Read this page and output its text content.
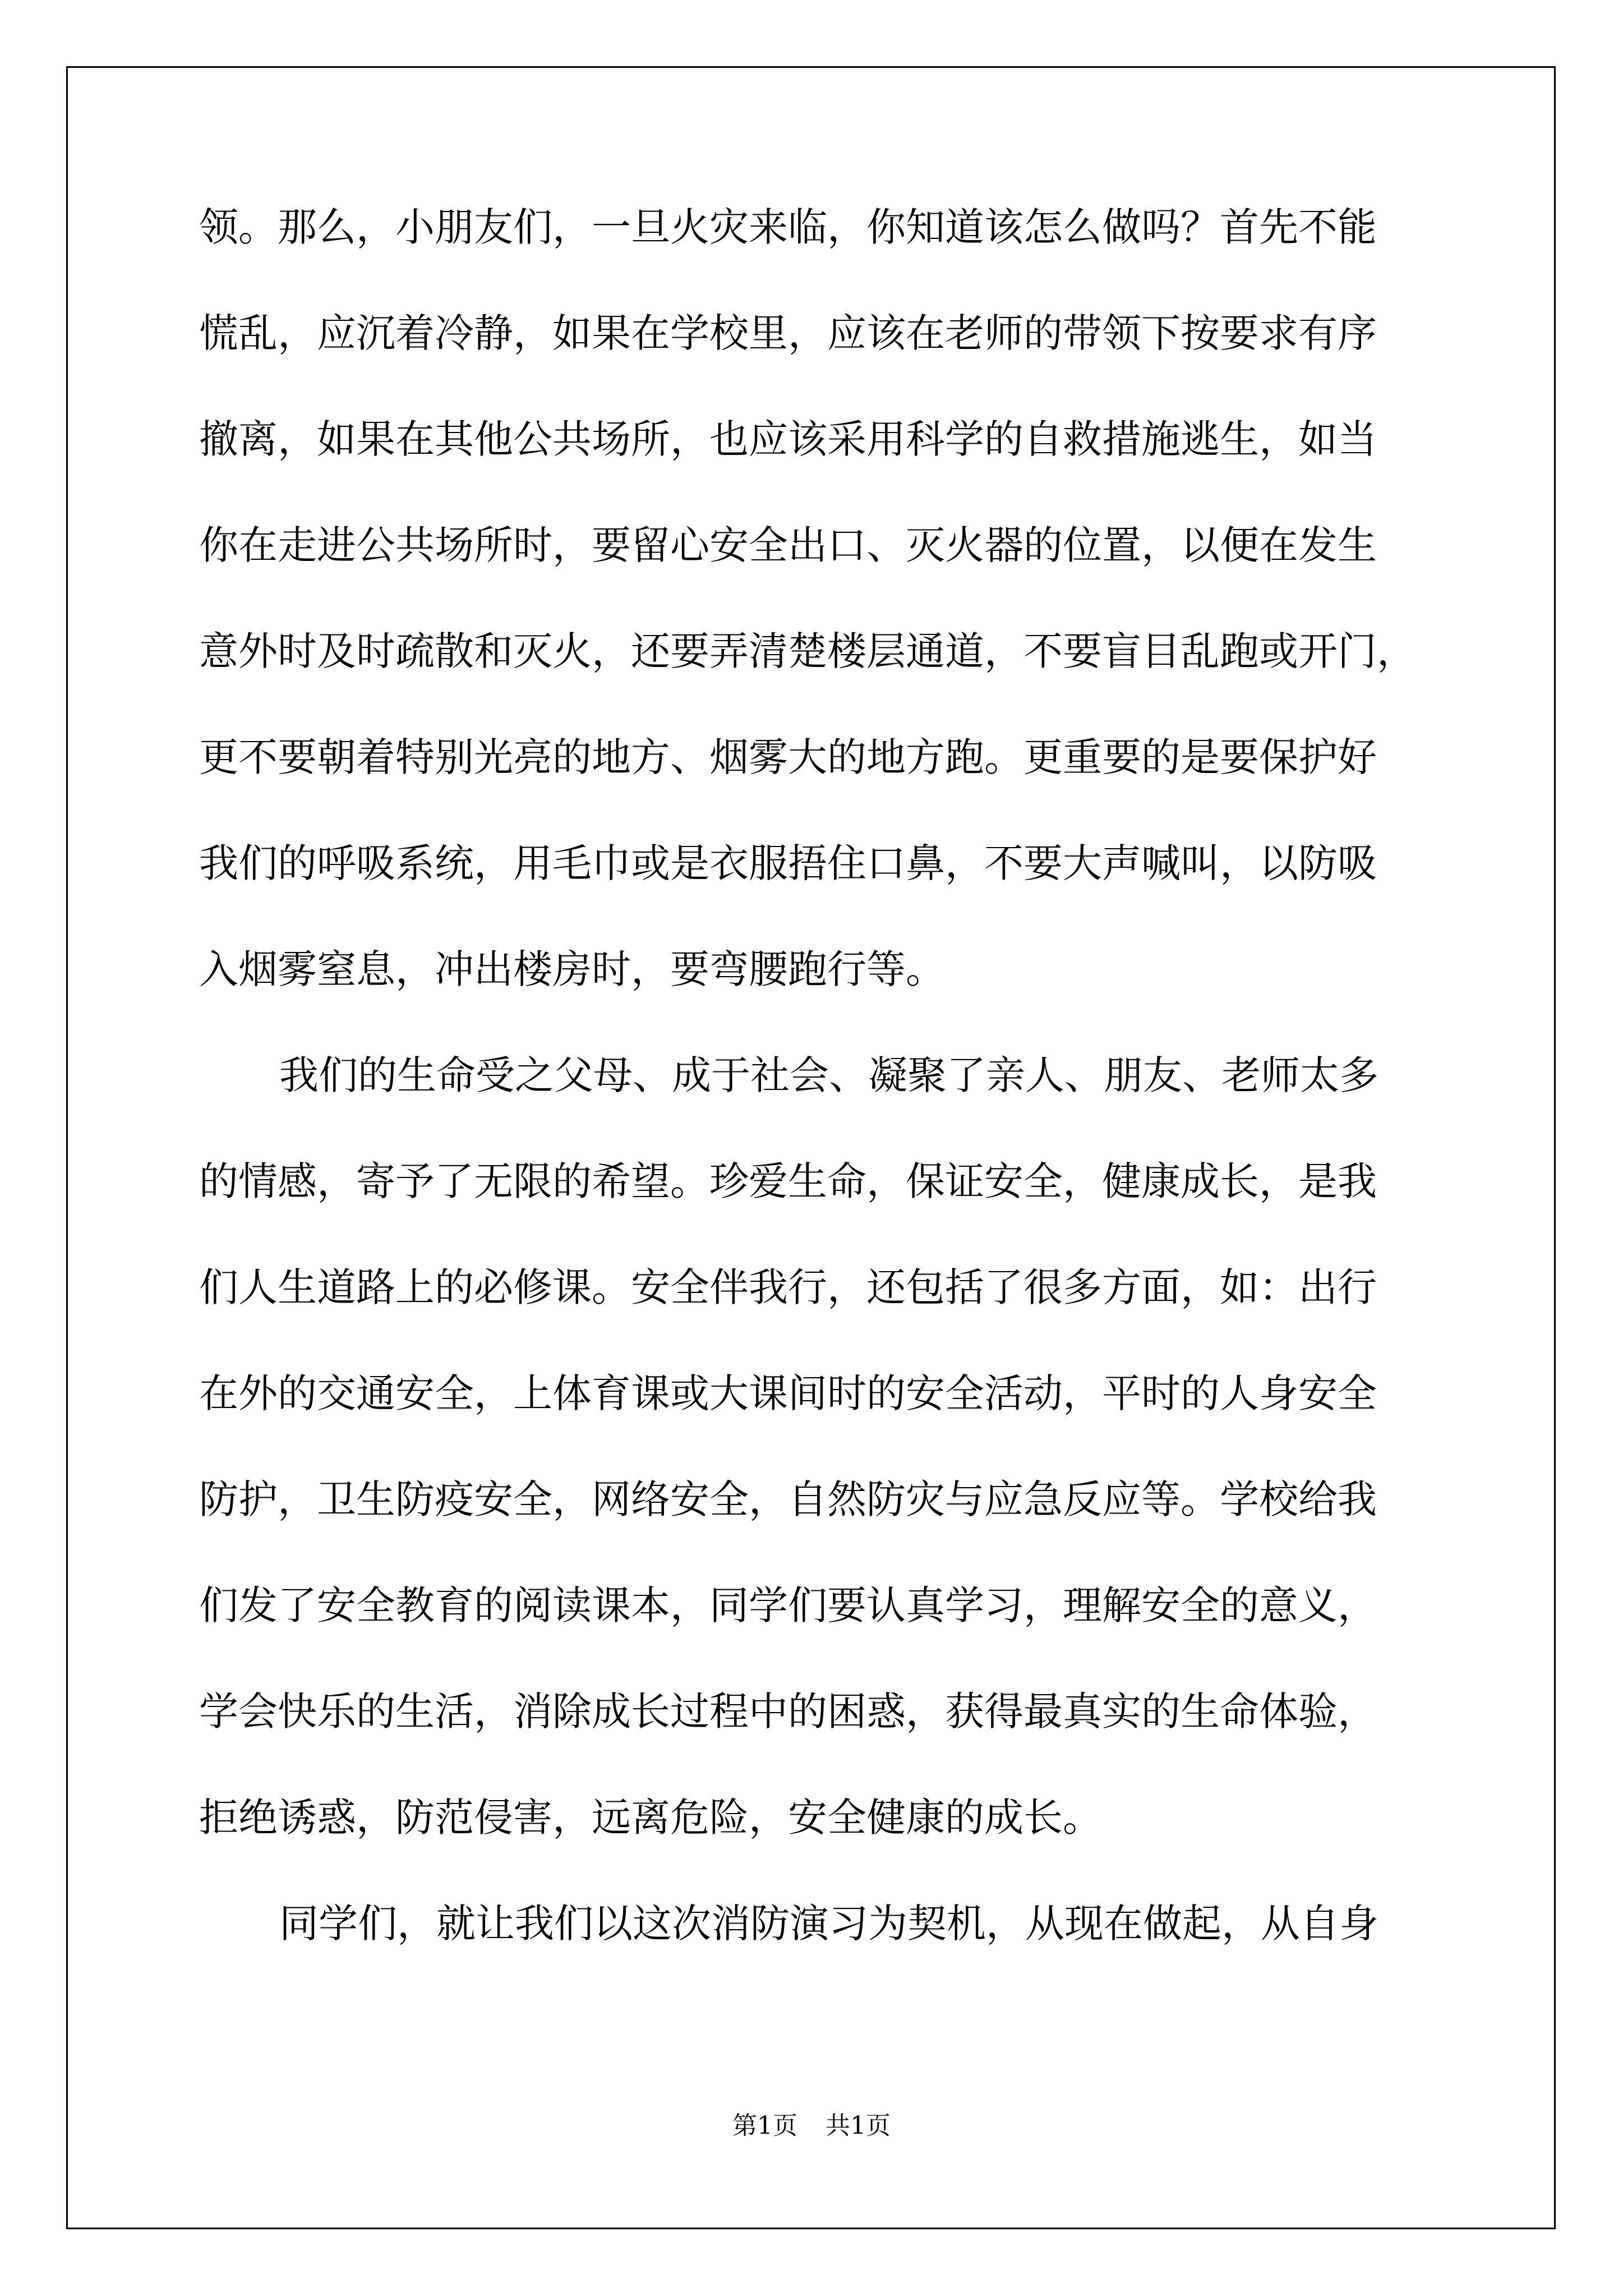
领。那么，小朋友们，一旦火灾来临，你知道该怎么做吗？首先不能
慌乱，应沉着冷静，如果在学校里，应该在老师的带领下按要求有序
撤离，如果在其他公共场所，也应该采用科学的自救措施逃生，如当
你在走进公共场所时，要留心安全出口、灭火器的位置，以便在发生
意外时及时疏散和灭火，还要弄清楚楼层通道，不要盲目乱跑或开门，
更不要朝着特别光亮的地方、烟雾大的地方跑。更重要的是要保护好
我们的呼吸系统，用毛巾或是衣服捂住口鼻，不要大声喊叫，以防吸
入烟雾窒息，冲出楼房时，要弯腰跑行等。
我们的生命受之父母、成于社会、凝聚了亲人、朋友、老师太多
的情感，寄予了无限的希望。珍爱生命，保证安全，健康成长，是我
们人生道路上的必修课。安全伴我行，还包括了很多方面，如：出行
在外的交通安全，上体育课或大课间时的安全活动，平时的人身安全
防护，卫生防疫安全，网络安全，自然防灾与应急反应等。学校给我
们发了安全教育的阅读课本，同学们要认真学习，理解安全的意义，
学会快乐的生活，消除成长过程中的困惑，获得最真实的生命体验，
拒绝诱惑，防范侵害，远离危险，安全健康的成长。
同学们，就让我们以这次消防演习为契机，从现在做起，从自身
第1页 共1页
